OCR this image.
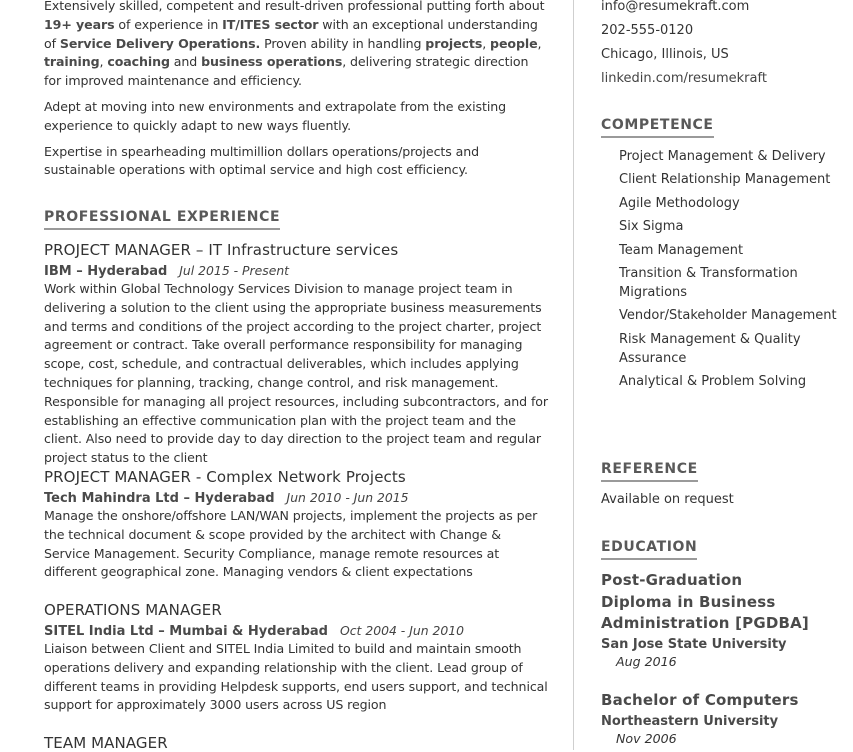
Extensively skilled, competent and result-driven professional putting forth about 19+ years of experience in IT/ITES sector with an exceptional understanding of Service Delivery Operations. Proven ability in handling projects, people, training, coaching and business operations, delivering strategic direction for improved maintenance and efficiency.

Adept at moving into new environments and extrapolate from the existing experience to quickly adapt to new ways fluently.

Expertise in spearheading multimillion dollars operations/projects and sustainable operations with optimal service and high cost efficiency.

PROFESSIONAL EXPERIENCE

PROJECT MANAGER – IT Infrastructure services

IBM – Hyderabad Jul 2015 - Present

Work within Global Technology Services Division to manage project team in delivering a solution to the client using the appropriate business measurements and terms and conditions of the project according to the project charter, project agreement or contract. Take overall performance responsibility for managing scope, cost, schedule, and contractual deliverables, which includes applying techniques for planning, tracking, change control, and risk management. Responsible for managing all project resources, including subcontractors, and for establishing an effective communication plan with the project team and the client. Also need to provide day to day direction to the project team and regular project status to the client

PROJECT MANAGER - Complex Network Projects

Tech Mahindra Ltd – Hyderabad Jun 2010 - Jun 2015

Manage the onshore/offshore LAN/WAN projects, implement the projects as per the technical document & scope provided by the architect with Change & Service Management. Security Compliance, manage remote resources at different geographical zone. Managing vendors & client expectations

OPERATIONS MANAGER

SITEL India Ltd – Mumbai & Hyderabad Oct 2004 - Jun 2010

Liaison between Client and SITEL India Limited to build and maintain smooth operations delivery and expanding relationship with the client. Lead group of different teams in providing Helpdesk supports, end users support, and technical support for approximately 3000 users across US region

TEAM MANAGER

info@resumekraft.com
202-555-0120
Chicago, Illinois, US
linkedin.com/resumekraft
COMPETENCE
Project Management & Delivery
Client Relationship Management
Agile Methodology
Six Sigma
Team Management
Transition & Transformation Migrations
Vendor/Stakeholder Management
Risk Management & Quality Assurance
Analytical & Problem Solving
REFERENCE
Available on request
EDUCATION

Post-Graduation Diploma in Business Administration [PGDBA]

San Jose State University

Aug 2016

Bachelor of Computers

Northeastern University

Nov 2006
